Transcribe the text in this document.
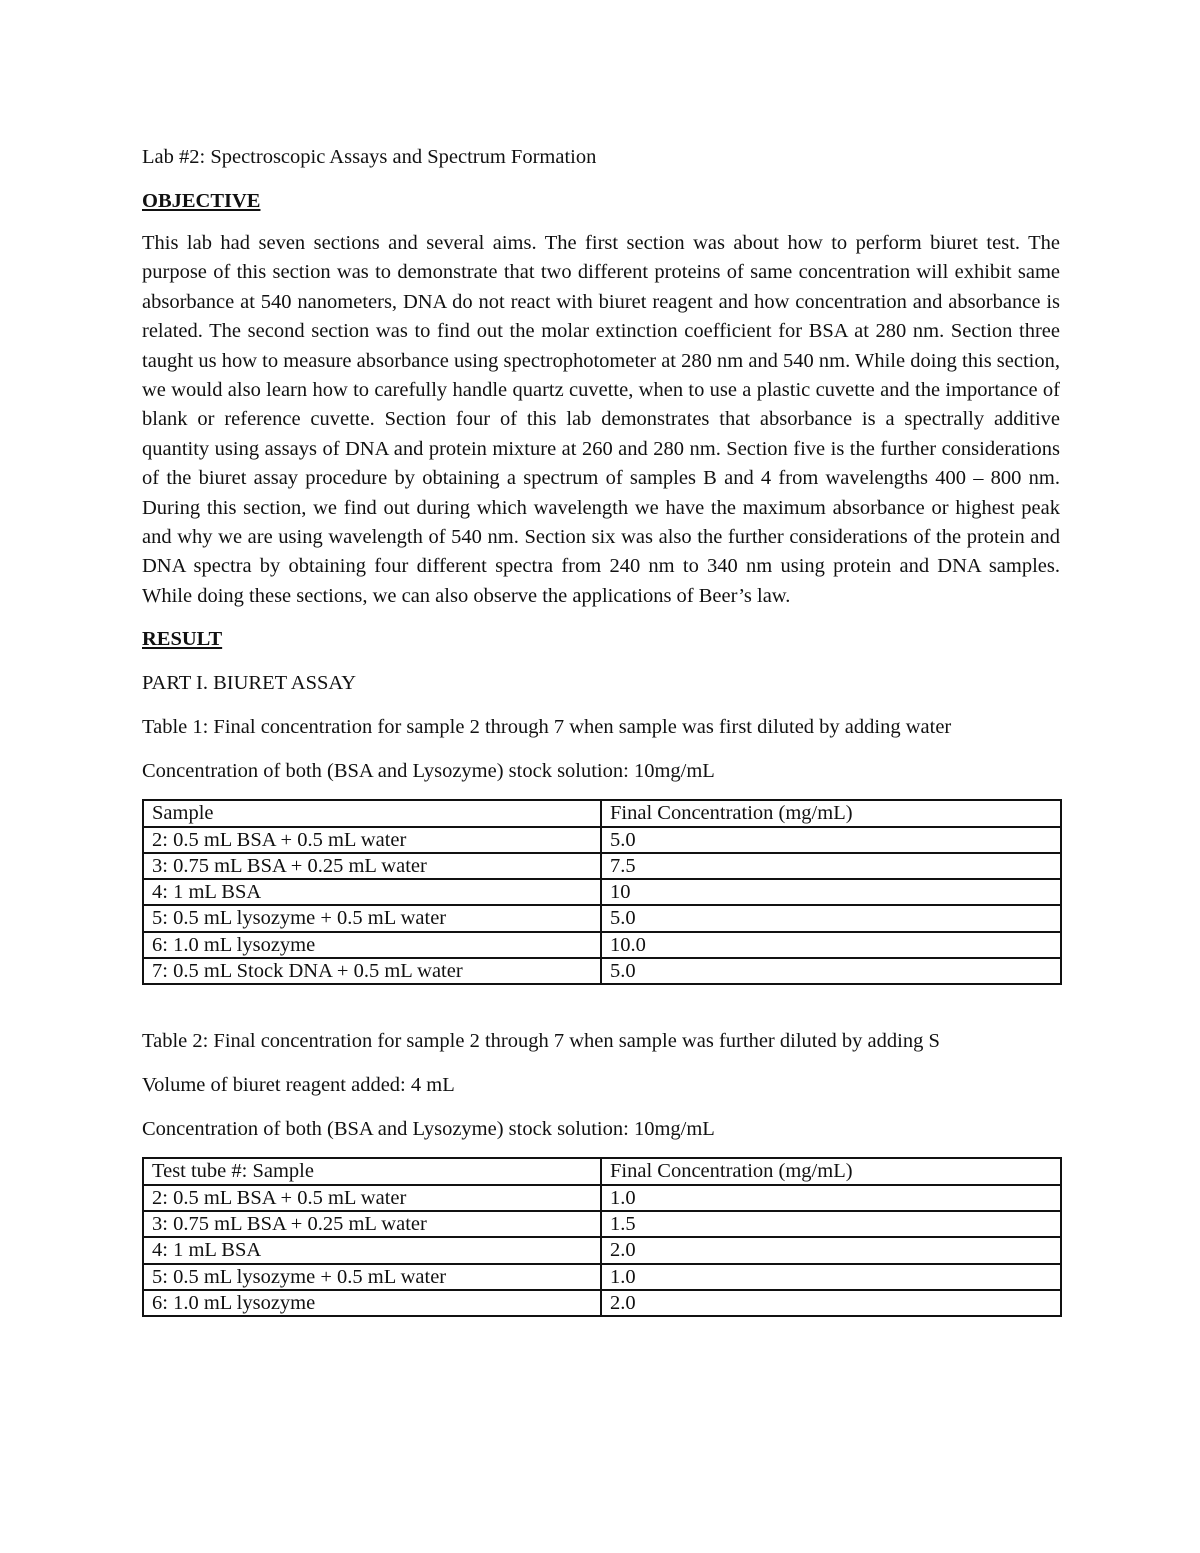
Lab #2: Spectroscopic Assays and Spectrum Formation

OBJECTIVE

This lab had seven sections and several aims. The first section was about how to perform biuret test. The purpose of this section was to demonstrate that two different proteins of same concentration will exhibit same absorbance at 540 nanometers, DNA do not react with biuret reagent and how concentration and absorbance is related. The second section was to find out the molar extinction coefficient for BSA at 280 nm. Section three taught us how to measure absorbance using spectrophotometer at 280 nm and 540 nm. While doing this section, we would also learn how to carefully handle quartz cuvette, when to use a plastic cuvette and the importance of blank or reference cuvette. Section four of this lab demonstrates that absorbance is a spectrally additive quantity using assays of DNA and protein mixture at 260 and 280 nm. Section five is the further considerations of the biuret assay procedure by obtaining a spectrum of samples B and 4 from wavelengths 400 – 800 nm. During this section, we find out during which wavelength we have the maximum absorbance or highest peak and why we are using wavelength of 540 nm. Section six was also the further considerations of the protein and DNA spectra by obtaining four different spectra from 240 nm to 340 nm using protein and DNA samples. While doing these sections, we can also observe the applications of Beer’s law.

RESULT

PART I. BIURET ASSAY

Table 1: Final concentration for sample 2 through 7 when sample was first diluted by adding water

Concentration of both (BSA and Lysozyme) stock solution: 10mg/mL

Sample	Final Concentration (mg/mL)
2: 0.5 mL BSA + 0.5 mL water	5.0
3: 0.75 mL BSA + 0.25 mL water	7.5
4: 1 mL BSA	10
5: 0.5 mL lysozyme + 0.5 mL water	5.0
6: 1.0 mL lysozyme	10.0
7: 0.5 mL Stock DNA + 0.5 mL water	5.0

Table 2: Final concentration for sample 2 through 7 when sample was further diluted by adding S

Volume of biuret reagent added: 4 mL

Concentration of both (BSA and Lysozyme) stock solution: 10mg/mL

Test tube #: Sample	Final Concentration (mg/mL)
2: 0.5 mL BSA + 0.5 mL water	1.0
3: 0.75 mL BSA + 0.25 mL water	1.5
4: 1 mL BSA	2.0
5: 0.5 mL lysozyme + 0.5 mL water	1.0
6: 1.0 mL lysozyme	2.0
